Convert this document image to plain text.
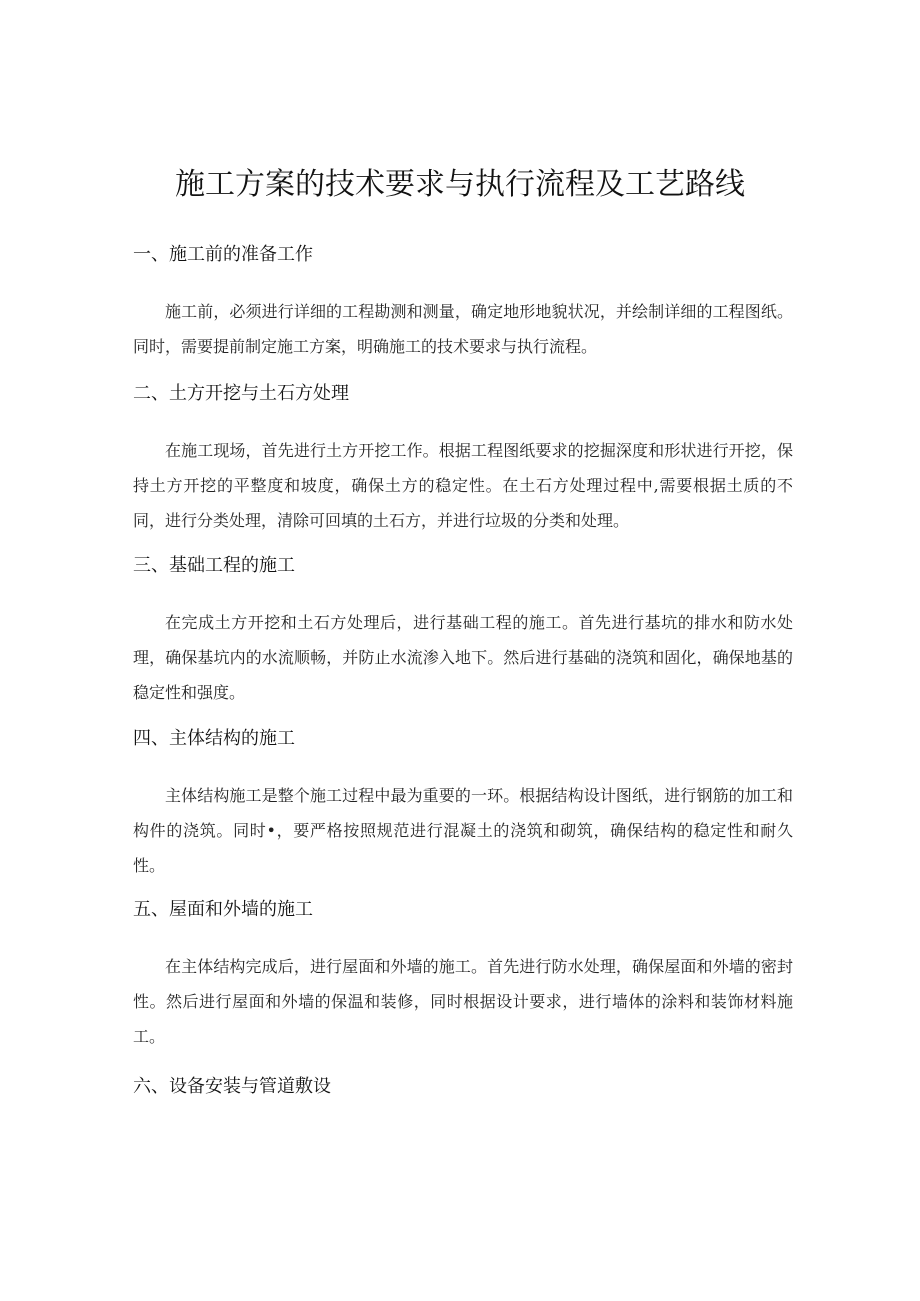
施工方案的技术要求与执行流程及工艺路线
一、施工前的准备工作

施工前，必须进行详细的工程勘测和测量，确定地形地貌状况，并绘制详细的工程图纸。同时，需要提前制定施工方案，明确施工的技术要求与执行流程。

二、土方开挖与土石方处理

在施工现场，首先进行土方开挖工作。根据工程图纸要求的挖掘深度和形状进行开挖，保持土方开挖的平整度和坡度，确保土方的稳定性。在土石方处理过程中,需要根据土质的不同，进行分类处理，清除可回填的土石方，并进行垃圾的分类和处理。

三、基础工程的施工

在完成土方开挖和土石方处理后，进行基础工程的施工。首先进行基坑的排水和防水处理，确保基坑内的水流顺畅，并防止水流渗入地下。然后进行基础的浇筑和固化，确保地基的稳定性和强度。

四、主体结构的施工

主体结构施工是整个施工过程中最为重要的一环。根据结构设计图纸，进行钢筋的加工和构件的浇筑。同时•，要严格按照规范进行混凝土的浇筑和砌筑，确保结构的稳定性和耐久性。

五、屋面和外墙的施工

在主体结构完成后，进行屋面和外墙的施工。首先进行防水处理，确保屋面和外墙的密封性。然后进行屋面和外墙的保温和装修，同时根据设计要求，进行墙体的涂料和装饰材料施工。

六、设备安装与管道敷设
